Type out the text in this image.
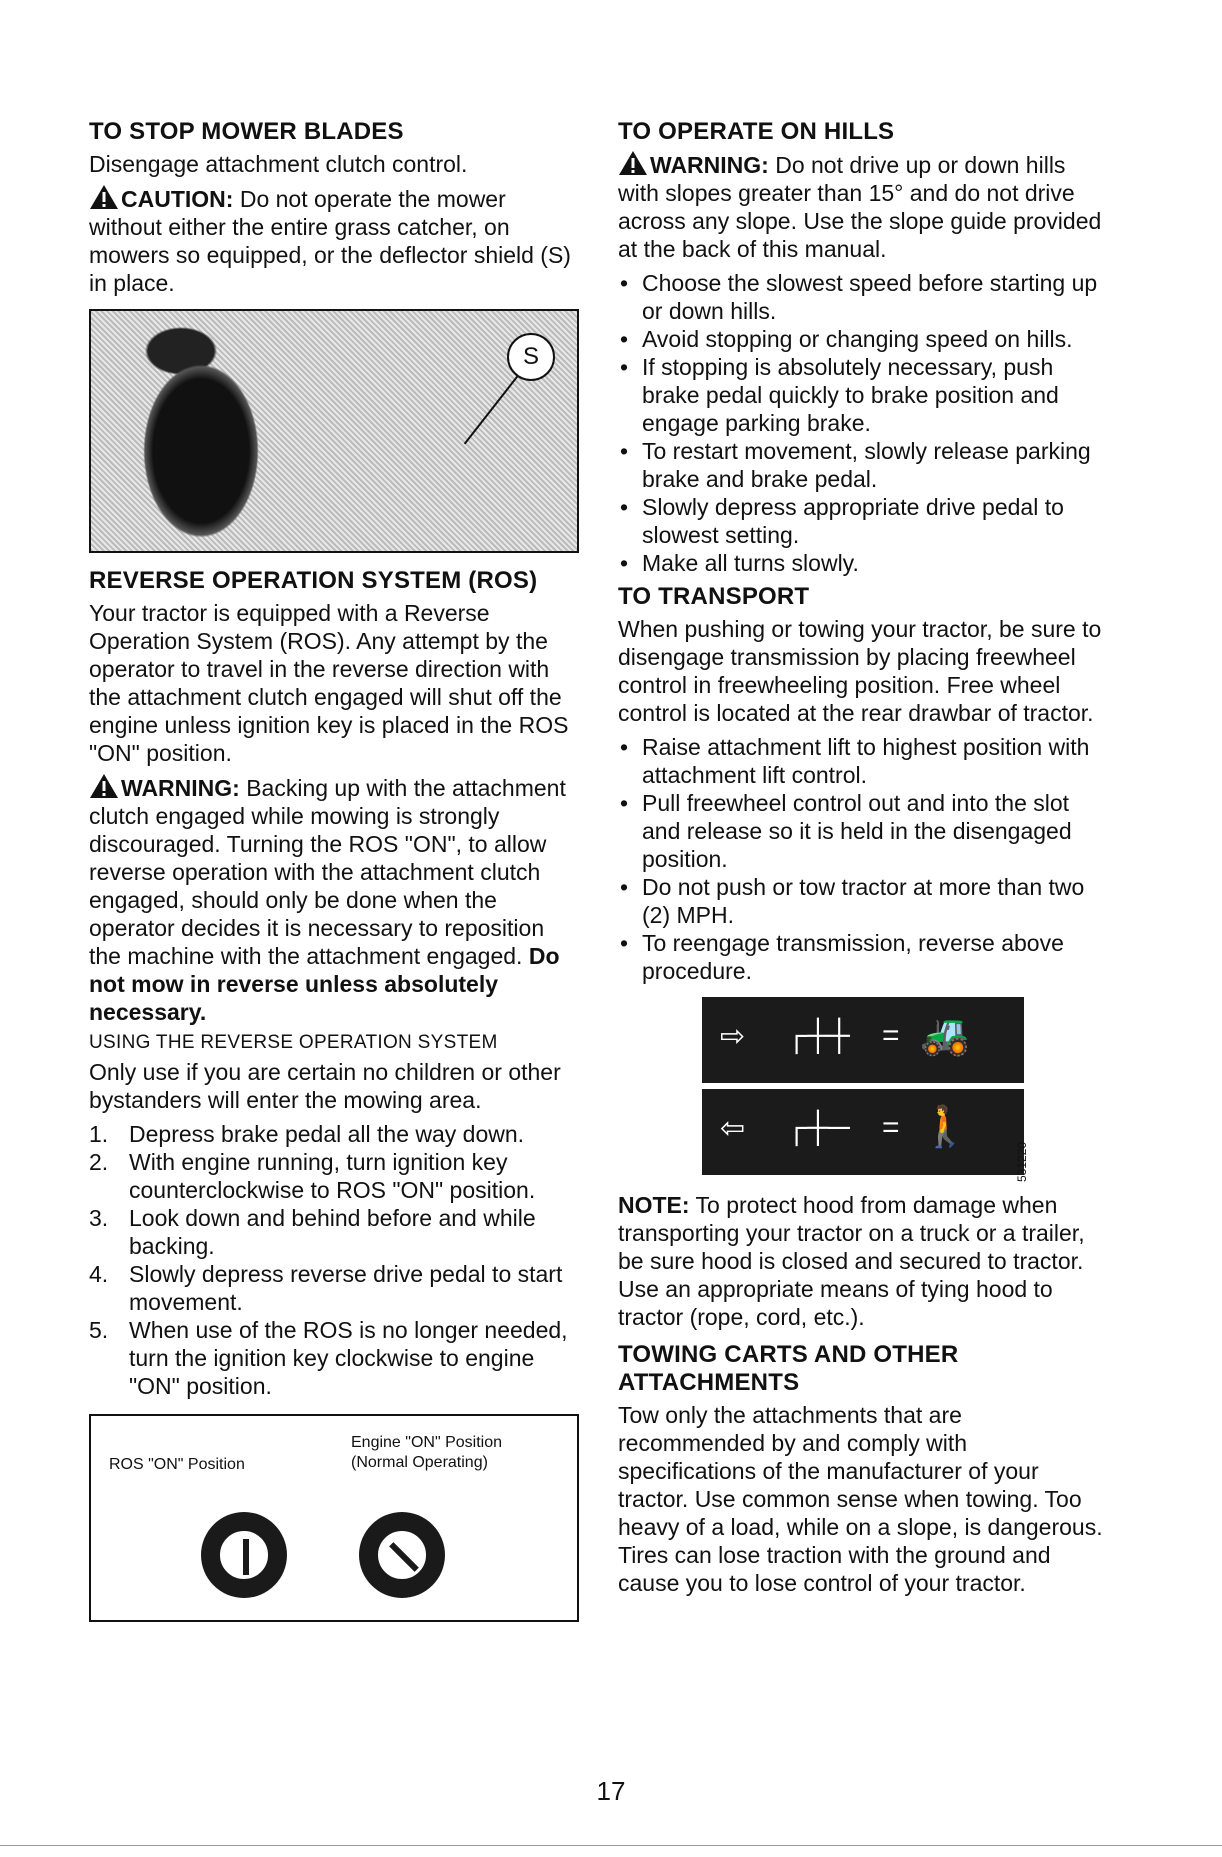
TO STOP MOWER BLADES
Disengage attachment clutch control.
CAUTION: Do not operate the mower without either the entire grass catcher, on mowers so equipped, or the deflector shield (S) in place.
S
REVERSE OPERATION SYSTEM (ROS)
Your tractor is equipped with a Reverse Operation System (ROS). Any attempt by the operator to travel in the reverse direction with the attachment clutch engaged will shut off the engine unless ignition key is placed in the ROS "ON" position.
WARNING: Backing up with the attachment clutch engaged while mowing is strongly discouraged. Turning the ROS "ON", to allow reverse operation with the attachment clutch engaged, should only be done when the operator decides it is necessary to reposition the machine with the attachment engaged. Do not mow in reverse unless absolutely necessary.
USING THE REVERSE OPERATION SYSTEM
Only use if you are certain no children or other bystanders will enter the mowing area.
1. Depress brake pedal all the way down.
2. With engine running, turn ignition key counterclockwise to ROS "ON" position.
3. Look down and behind before and while backing.
4. Slowly depress reverse drive pedal to start movement.
5. When use of the ROS is no longer needed, turn the ignition key clockwise to engine "ON" position.
ROS "ON" Position
Engine "ON" Position
(Normal Operating)
TO OPERATE ON HILLS
WARNING: Do not drive up or down hills with slopes greater than 15° and do not drive across any slope. Use the slope guide provided at the back of this manual.
• Choose the slowest speed before starting up or down hills.
• Avoid stopping or changing speed on hills.
• If stopping is absolutely necessary, push brake pedal quickly to brake position and engage parking brake.
• To restart movement, slowly release parking brake and brake pedal.
• Slowly depress appropriate drive pedal to slowest setting.
• Make all turns slowly.
TO TRANSPORT
When pushing or towing your tractor, be sure to disengage transmission by placing freewheel control in freewheeling position. Free wheel control is located at the rear drawbar of tractor.
• Raise attachment lift to highest position with attachment lift control.
• Pull freewheel control out and into the slot and release so it is held in the disengaged position.
• Do not push or tow tractor at more than two (2) MPH.
• To reengage transmission, reverse above procedure.
⇨ ┌┼┼ = 🚜
⇦ ┌┼─ = 🚶
531220
NOTE: To protect hood from damage when transporting your tractor on a truck or a trailer, be sure hood is closed and secured to tractor. Use an appropriate means of tying hood to tractor (rope, cord, etc.).
TOWING CARTS AND OTHER ATTACHMENTS
Tow only the attachments that are recommended by and comply with specifications of the manufacturer of your tractor. Use common sense when towing. Too heavy of a load, while on a slope, is dangerous. Tires can lose traction with the ground and cause you to lose control of your tractor.
17
